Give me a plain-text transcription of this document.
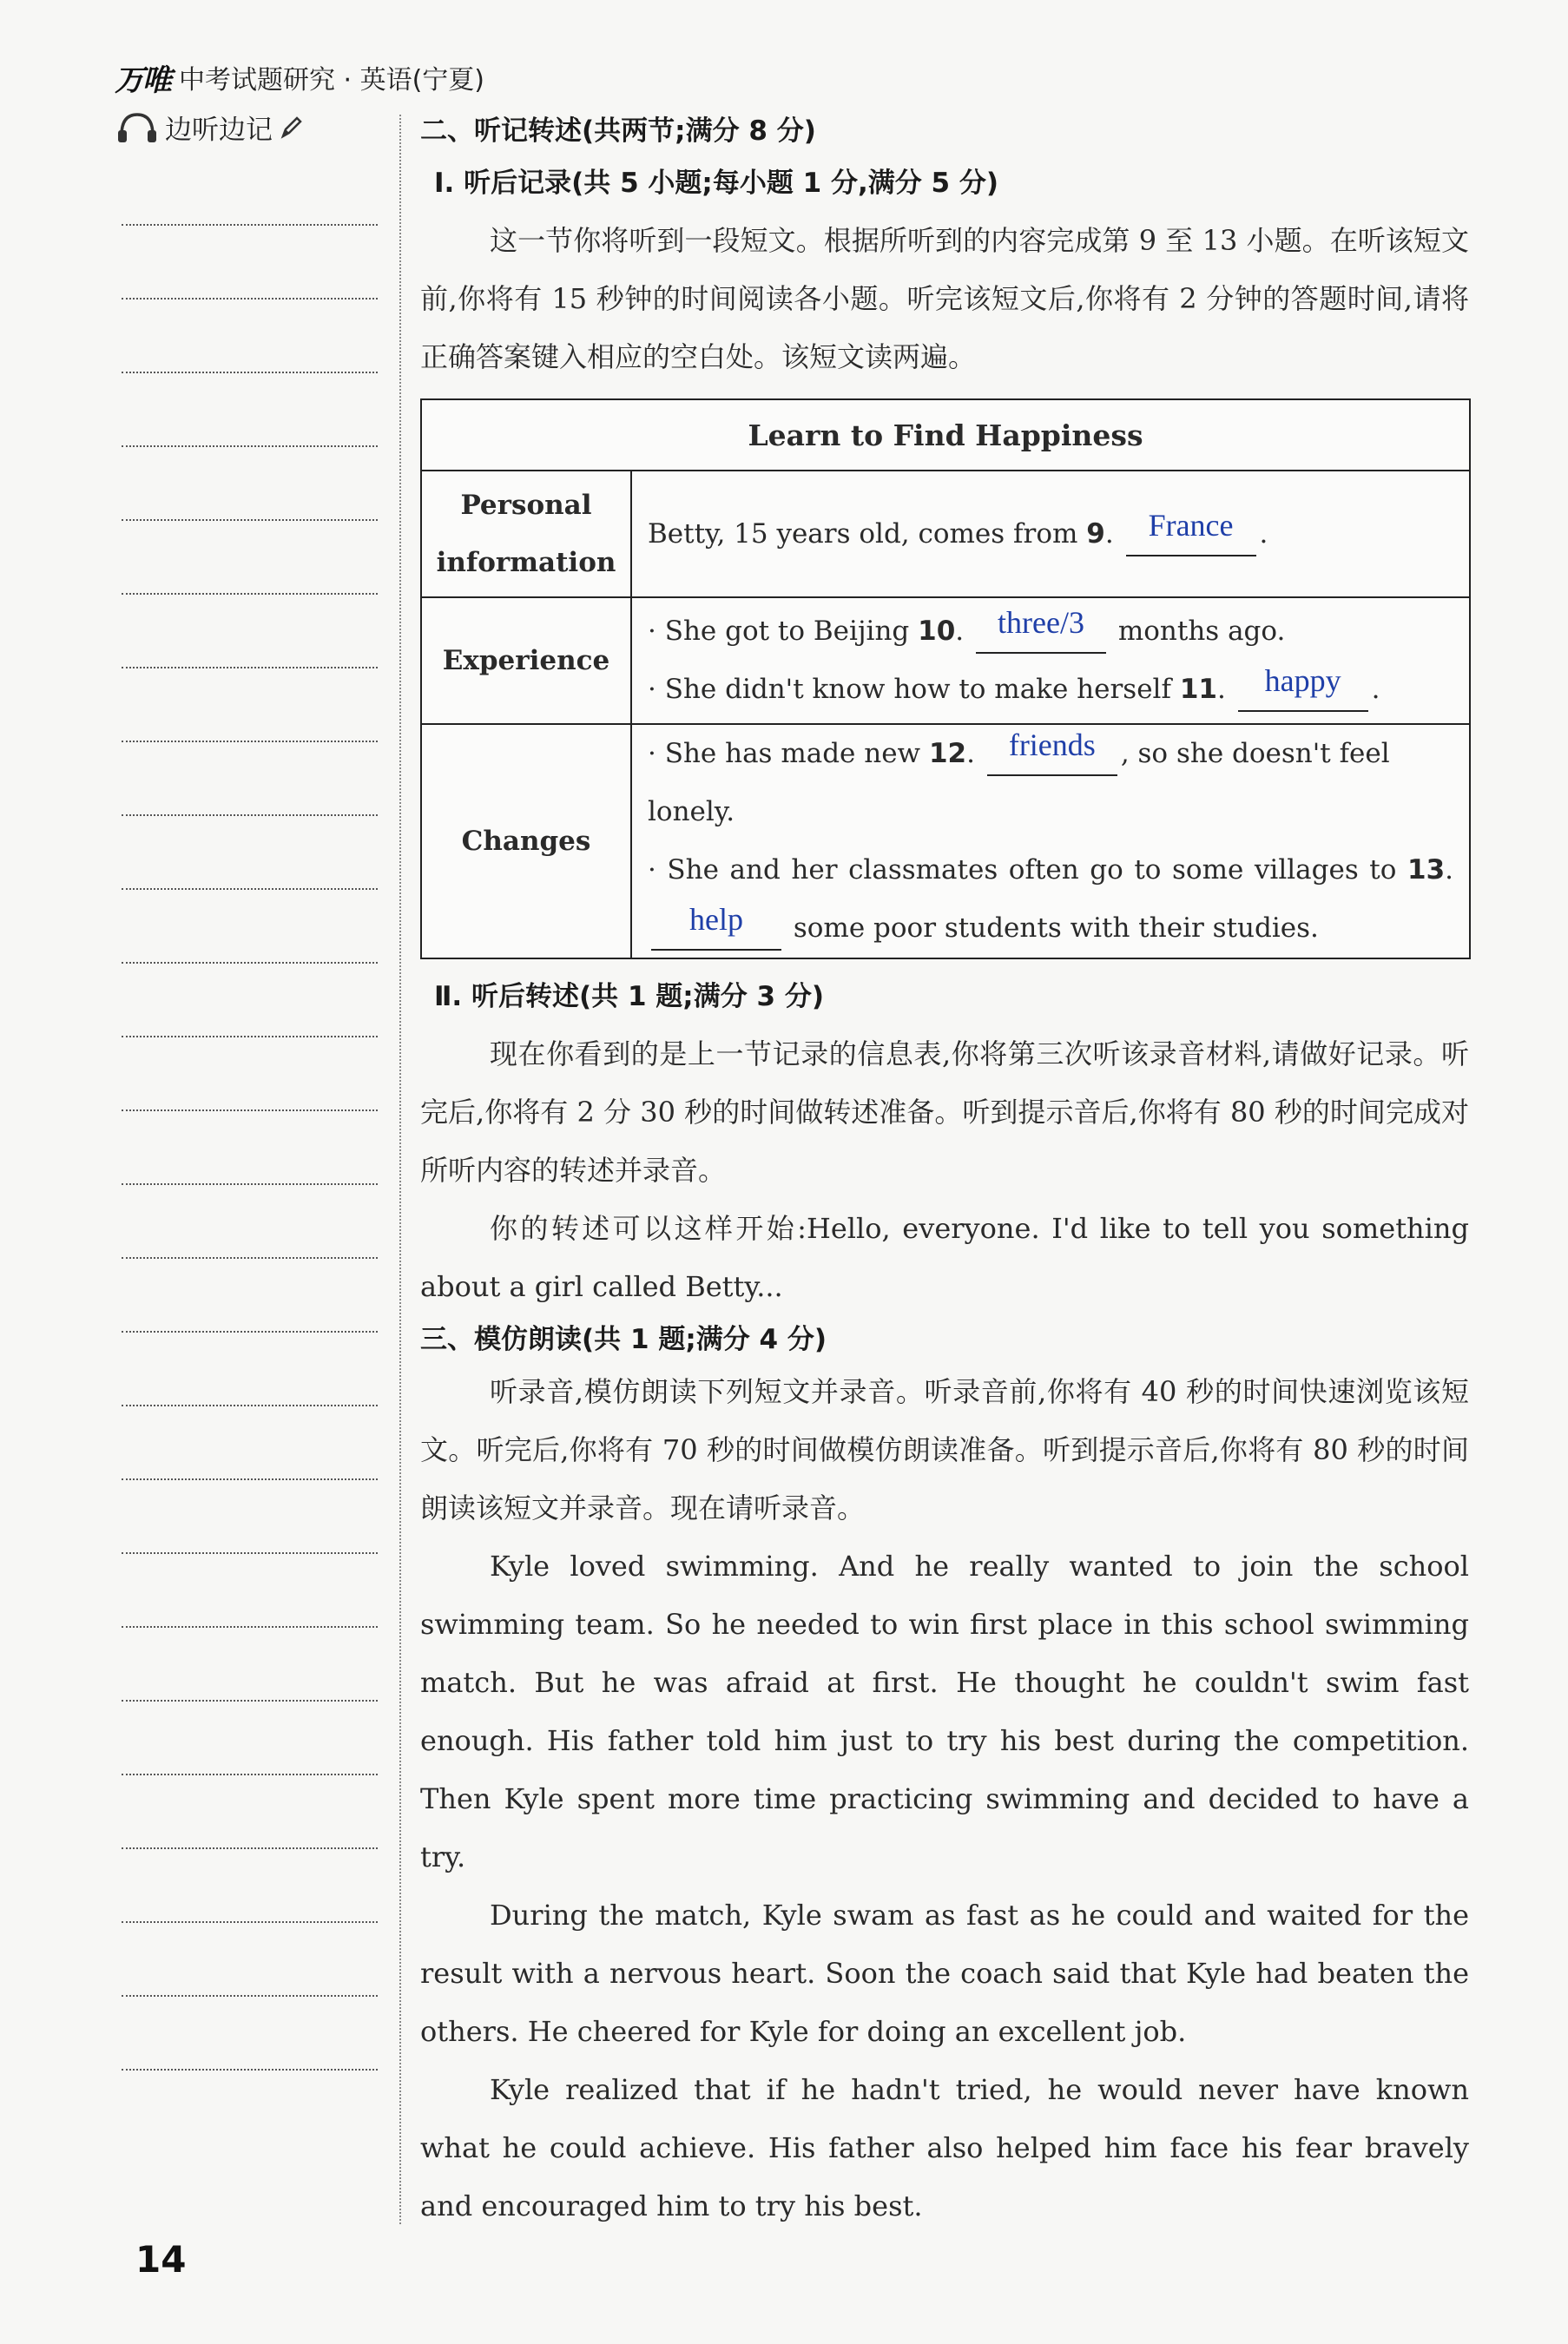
万唯 中考试题研究 · 英语(宁夏)
边听边记	二、听记转述(共两节;满分 8 分)
Ⅰ. 听后记录(共 5 小题;每小题 1 分,满分 5 分)

这一节你将听到一段短文。根据所听到的内容完成第 9 至 13 小题。在听该短文前,你将有 15 秒钟的时间阅读各小题。听完该短文后,你将有 2 分钟的答题时间,请将正确答案键入相应的空白处。该短文读两遍。

Learn to Find Happiness	
Personal information	Betty, 15 years old, comes from 9. France .
Experience	· She got to Beijing 10. three/3 months ago.
· She didn't know how to make herself 11. happy .

Changes	· She has made new 12. friends , so she doesn't feel lonely.
· She and her classmates often go to some villages to 13. help some poor students with their studies.
Ⅱ. 听后转述(共 1 题;满分 3 分)

现在你看到的是上一节记录的信息表,你将第三次听该录音材料,请做好记录。听完后,你将有 2 分 30 秒的时间做转述准备。听到提示音后,你将有 80 秒的时间完成对所听内容的转述并录音。

你的转述可以这样开始:Hello, everyone. I'd like to tell you something about a girl called Betty...

三、模仿朗读(共 1 题;满分 4 分)

听录音,模仿朗读下列短文并录音。听录音前,你将有 40 秒的时间快速浏览该短文。听完后,你将有 70 秒的时间做模仿朗读准备。听到提示音后,你将有 80 秒的时间朗读该短文并录音。现在请听录音。

Kyle loved swimming. And he really wanted to join the school swimming team. So he needed to win first place in this school swimming match. But he was afraid at first. He thought he couldn't swim fast enough. His father told him just to try his best during the competition. Then Kyle spent more time practicing swimming and decided to have a try.

During the match, Kyle swam as fast as he could and waited for the result with a nervous heart. Soon the coach said that Kyle had beaten the others. He cheered for Kyle for doing an excellent job.

Kyle realized that if he hadn't tried, he would never have known what he could achieve. His father also helped him face his fear bravely and encouraged him to try his best.

14
